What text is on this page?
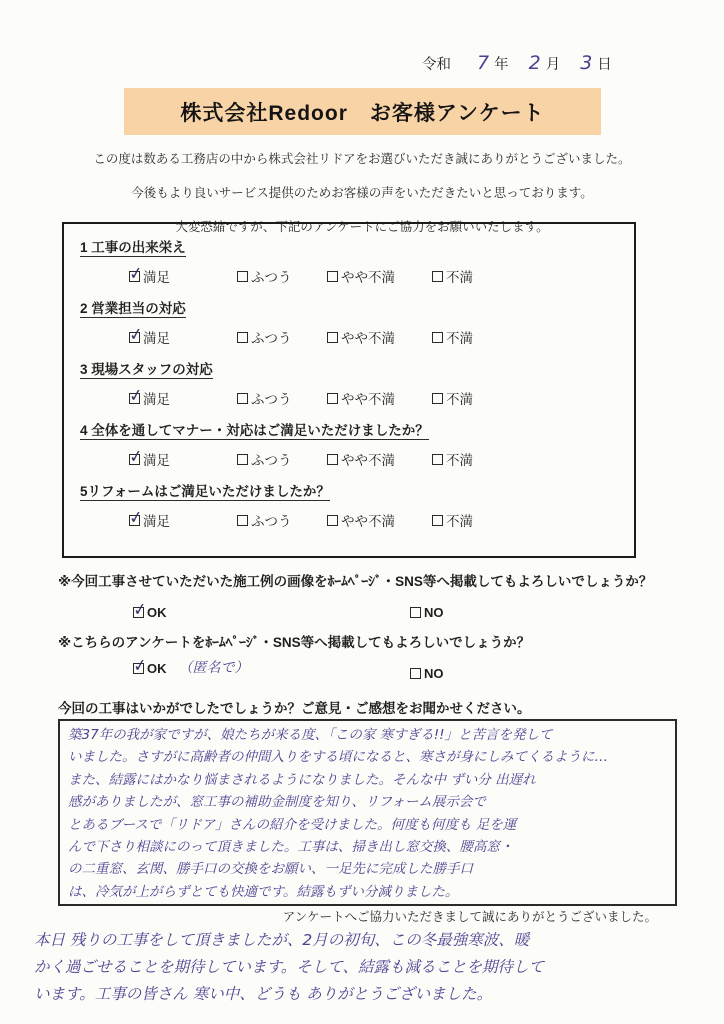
令和 7 年 2 月 3 日
株式会社Redoor　お客様アンケート

この度は数ある工務店の中から株式会社リドアをお選びいただき誠にありがとうございました。

今後もより良いサービス提供のためお客様の声をいただきたいと思っております。

大変恐縮ですが、下記のアンケートにご協力をお願いいたします。

1 工事の出来栄え
✓
満足	ふつう	やや不満	不満
2 営業担当の対応
✓
満足	ふつう	やや不満	不満
3 現場スタッフの対応
✓
満足	ふつう	やや不満	不満
4 全体を通してマナー・対応はご満足いただけましたか？
✓
満足	ふつう	やや不満	不満
5リフォームはご満足いただけましたか？
✓
満足	ふつう	やや不満	不満
※今回工事させていただいた施工例の画像をﾎｰﾑﾍﾟｰｼﾞ・SNS等へ掲載してもよろしいでしょうか？
✓
OK	NO
※こちらのアンケートをﾎｰﾑﾍﾟｰｼﾞ・SNS等へ掲載してもよろしいでしょうか？
✓
OK （匿名で）	NO
今回の工事はいかがでしたでしょうか？ご意見・ご感想をお聞かせください。
築37年の我が家ですが、娘たちが来る度、「この家 寒すぎる!!」と苦言を発して
いました。さすがに高齢者の仲間入りをする頃になると、寒さが身にしみてくるように…
また、結露にはかなり悩まされるようになりました。そんな中 ずい分 出遅れ
感がありましたが、窓工事の補助金制度を知り、リフォーム展示会で
とあるブースで「リドア」さんの紹介を受けました。何度も何度も 足を運
んで下さり相談にのって頂きました。工事は、掃き出し窓交換、腰高窓・
の二重窓、玄関、勝手口の交換をお願い、一足先に完成した勝手口
は、冷気が上がらずとても快適です。結露もずい分減りました。
アンケートへご協力いただきまして誠にありがとうございました。
本日 残りの工事をして頂きましたが、2月の初旬、この冬最強寒波、暖
かく過ごせることを期待しています。そして、結露も減ることを期待して
います。工事の皆さん 寒い中、どうも ありがとうございました。
